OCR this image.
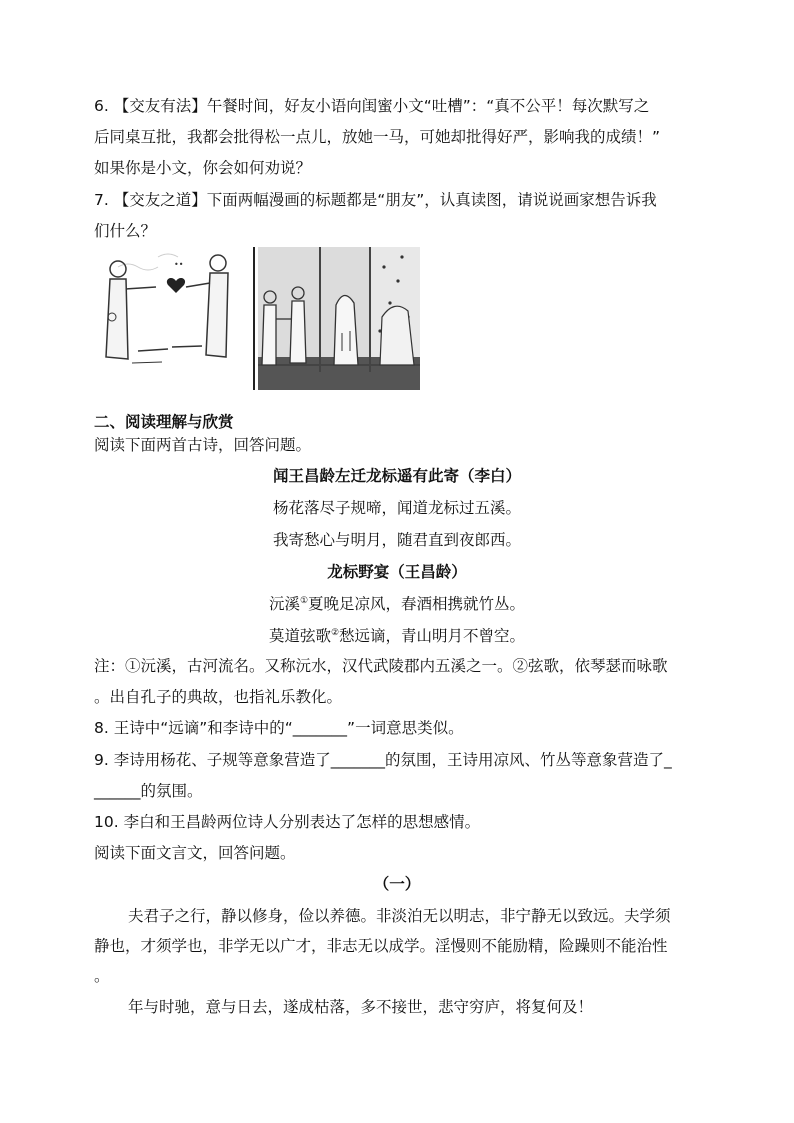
6. 【交友有法】午餐时间，好友小语向闺蜜小文“吐槽”：“真不公平！每次默写之
后同桌互批，我都会批得松一点儿，放她一马，可她却批得好严，影响我的成绩！”
如果你是小文，你会如何劝说？
7. 【交友之道】下面两幅漫画的标题都是“朋友”，认真读图，请说说画家想告诉我
们什么？
••
二、阅读理解与欣赏
阅读下面两首古诗，回答问题。
闻王昌龄左迁龙标遥有此寄（李白）
杨花落尽子规啼，闻道龙标过五溪。
我寄愁心与明月，随君直到夜郎西。
龙标野宴（王昌龄）
沅溪①夏晚足凉风，春酒相携就竹丛。
莫道弦歌②愁远谪，青山明月不曾空。
注：①沅溪，古河流名。又称沅水，汉代武陵郡内五溪之一。②弦歌，依琴瑟而咏歌
。出自孔子的典故，也指礼乐教化。
8. 王诗中“远谪”和李诗中的“_______”一词意思类似。
9. 李诗用杨花、子规等意象营造了_______的氛围，王诗用凉风、竹丛等意象营造了_
______的氛围。
10. 李白和王昌龄两位诗人分别表达了怎样的思想感情。
阅读下面文言文，回答问题。
（一）
夫君子之行，静以修身，俭以养德。非淡泊无以明志，非宁静无以致远。夫学须
静也，才须学也，非学无以广才，非志无以成学。淫慢则不能励精，险躁则不能治性
。
年与时驰，意与日去，遂成枯落，多不接世，悲守穷庐，将复何及！
